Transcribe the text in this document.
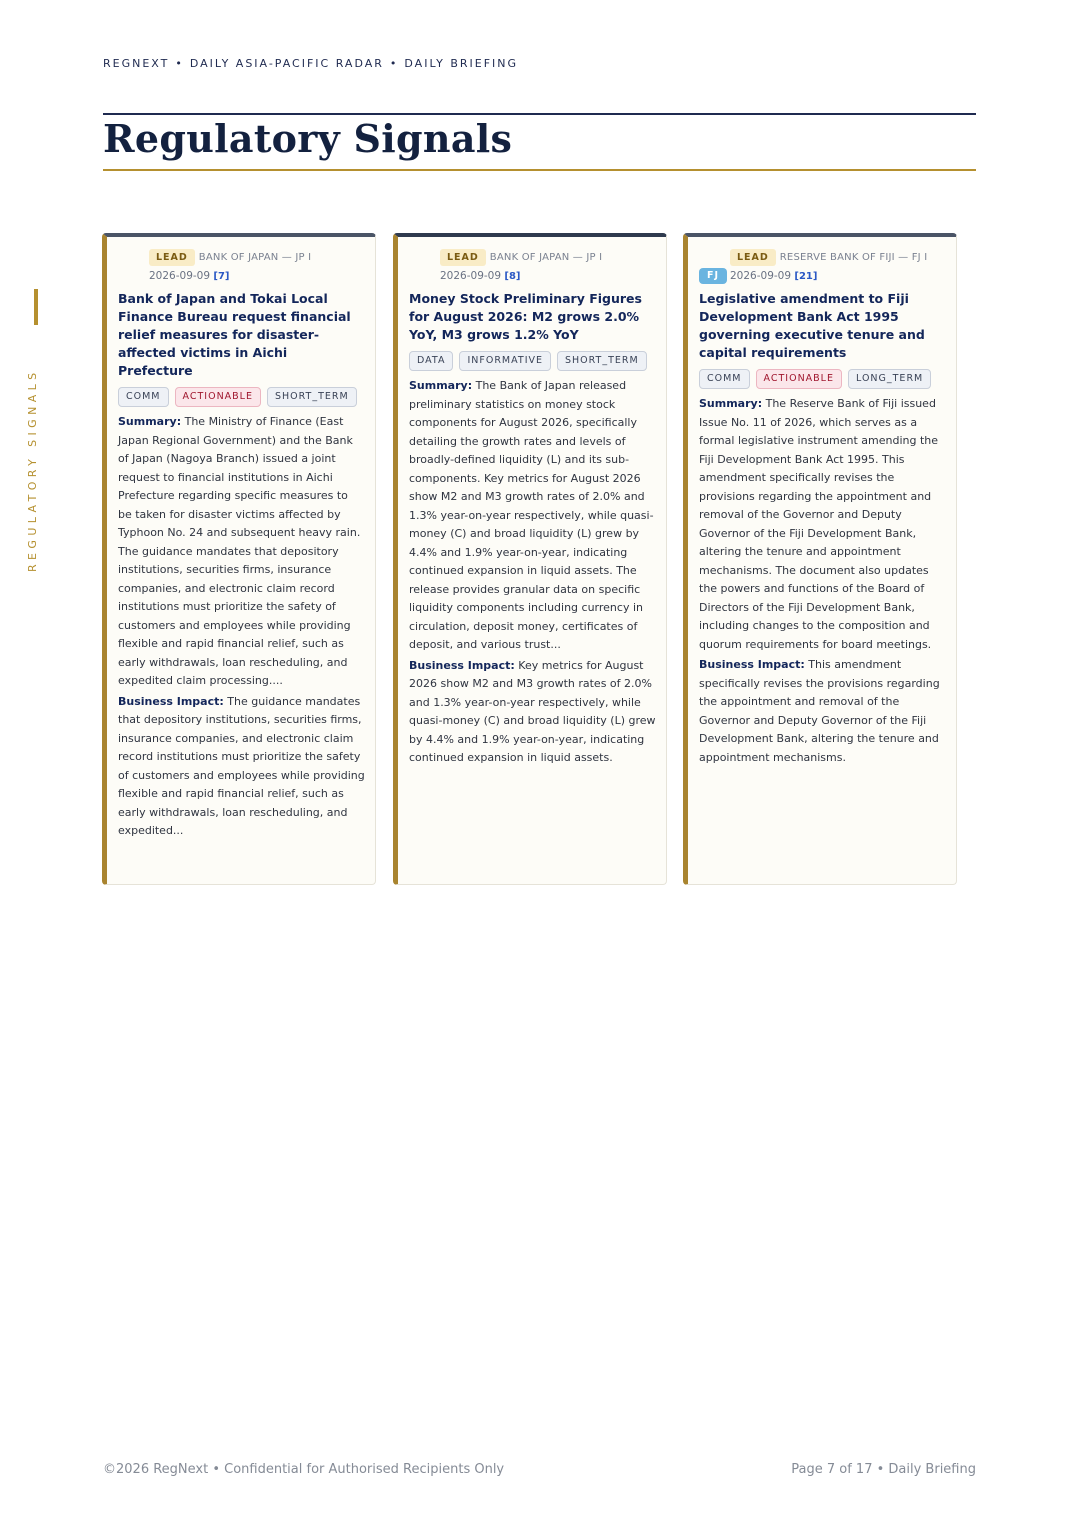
REGNEXT • DAILY ASIA-PACIFIC RADAR • DAILY BRIEFING
Regulatory Signals
REGULATORY SIGNALS
LEAD BANK OF JAPAN — JP I
2026-09-09 [7]
Bank of Japan and Tokai Local Finance Bureau request financial relief measures for disaster-affected victims in Aichi Prefecture
COMM ACTIONABLE SHORT_TERM

Summary: The Ministry of Finance (East Japan Regional Government) and the Bank of Japan (Nagoya Branch) issued a joint request to financial institutions in Aichi Prefecture regarding specific measures to be taken for disaster victims affected by Typhoon No. 24 and subsequent heavy rain. The guidance mandates that depository institutions, securities firms, insurance companies, and electronic claim record institutions must prioritize the safety of customers and employees while providing flexible and rapid financial relief, such as early withdrawals, loan rescheduling, and expedited claim processing....

Business Impact: The guidance mandates that depository institutions, securities firms, insurance companies, and electronic claim record institutions must prioritize the safety of customers and employees while providing flexible and rapid financial relief, such as early withdrawals, loan rescheduling, and expedited...

LEAD BANK OF JAPAN — JP I
2026-09-09 [8]
Money Stock Preliminary Figures for August 2026: M2 grows 2.0% YoY, M3 grows 1.2% YoY
DATA INFORMATIVE SHORT_TERM

Summary: The Bank of Japan released preliminary statistics on money stock components for August 2026, specifically detailing the growth rates and levels of broadly-defined liquidity (L) and its sub-components. Key metrics for August 2026 show M2 and M3 growth rates of 2.0% and 1.3% year-on-year respectively, while quasi-money (C) and broad liquidity (L) grew by 4.4% and 1.9% year-on-year, indicating continued expansion in liquid assets. The release provides granular data on specific liquidity components including currency in circulation, deposit money, certificates of deposit, and various trust...

Business Impact: Key metrics for August 2026 show M2 and M3 growth rates of 2.0% and 1.3% year-on-year respectively, while quasi-money (C) and broad liquidity (L) grew by 4.4% and 1.9% year-on-year, indicating continued expansion in liquid assets.

FJ
LEAD RESERVE BANK OF FIJI — FJ I
2026-09-09 [21]
Legislative amendment to Fiji Development Bank Act 1995 governing executive tenure and capital requirements
COMM ACTIONABLE LONG_TERM

Summary: The Reserve Bank of Fiji issued Issue No. 11 of 2026, which serves as a formal legislative instrument amending the Fiji Development Bank Act 1995. This amendment specifically revises the provisions regarding the appointment and removal of the Governor and Deputy Governor of the Fiji Development Bank, altering the tenure and appointment mechanisms. The document also updates the powers and functions of the Board of Directors of the Fiji Development Bank, including changes to the composition and quorum requirements for board meetings.

Business Impact: This amendment specifically revises the provisions regarding the appointment and removal of the Governor and Deputy Governor of the Fiji Development Bank, altering the tenure and appointment mechanisms.

©2026 RegNext • Confidential for Authorised Recipients Only	Page 7 of 17 • Daily Briefing
